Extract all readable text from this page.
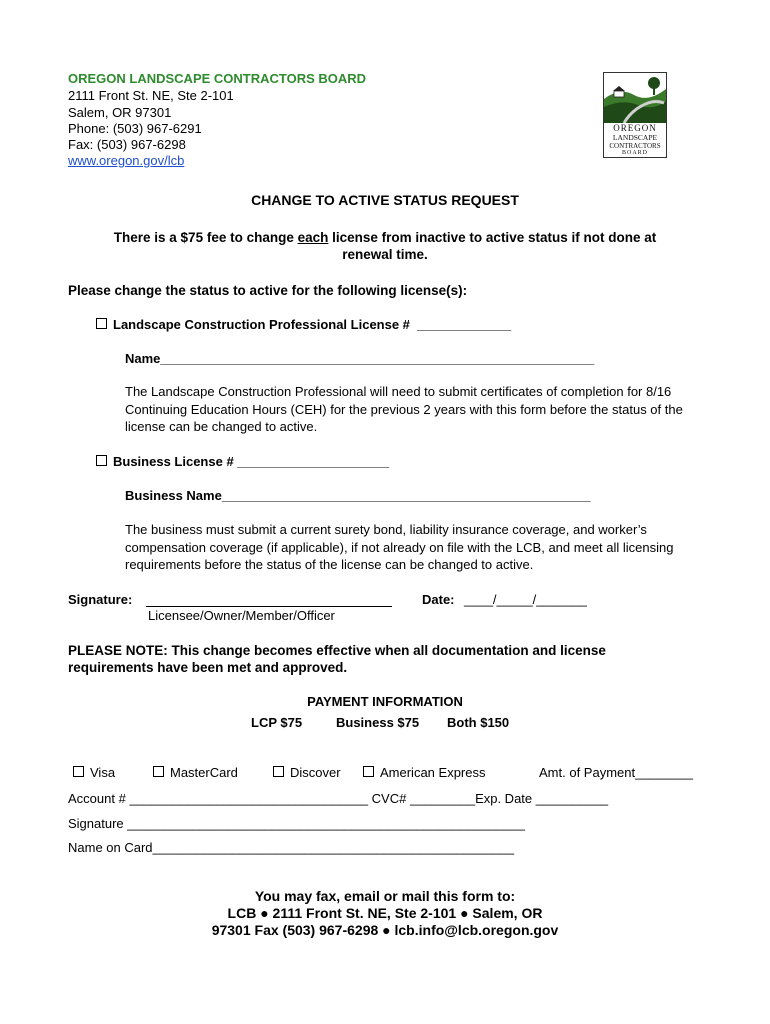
OREGON LANDSCAPE CONTRACTORS BOARD
2111 Front St. NE, Ste 2-101
Salem, OR 97301
Phone: (503) 967-6291
Fax: (503) 967-6298
www.oregon.gov/lcb
OREGON
LANDSCAPE
CONTRACTORS
BOARD
CHANGE TO ACTIVE STATUS REQUEST
There is a $75 fee to change each license from inactive to active status if not done at
renewal time.
Please change the status to active for the following license(s):
Landscape Construction Professional License # _____________
Name____________________________________________________________
The Landscape Construction Professional will need to submit certificates of completion for 8/16 Continuing Education Hours (CEH) for the previous 2 years with this form before the status of the license can be changed to active.
Business License # _____________________
Business Name___________________________________________________
The business must submit a current surety bond, liability insurance coverage, and worker’s compensation coverage (if applicable), if not already on file with the LCB, and meet all licensing requirements before the status of the license can be changed to active.
Signature:
Licensee/Owner/Member/Officer
Date: ____/_____/_______
PLEASE NOTE: This change becomes effective when all documentation and license
requirements have been met and approved.
PAYMENT INFORMATION
LCP $75	Business $75 Both $150
Visa	MasterCard	Discover	American Express	Amt. of Payment________
Account # _________________________________ CVC# _________Exp. Date __________
Signature _______________________________________________________
Name on Card__________________________________________________
You may fax, email or mail this form to:
LCB ● 2111 Front St. NE, Ste 2-101 ● Salem, OR
97301 Fax (503) 967-6298 ● lcb.info@lcb.oregon.gov
